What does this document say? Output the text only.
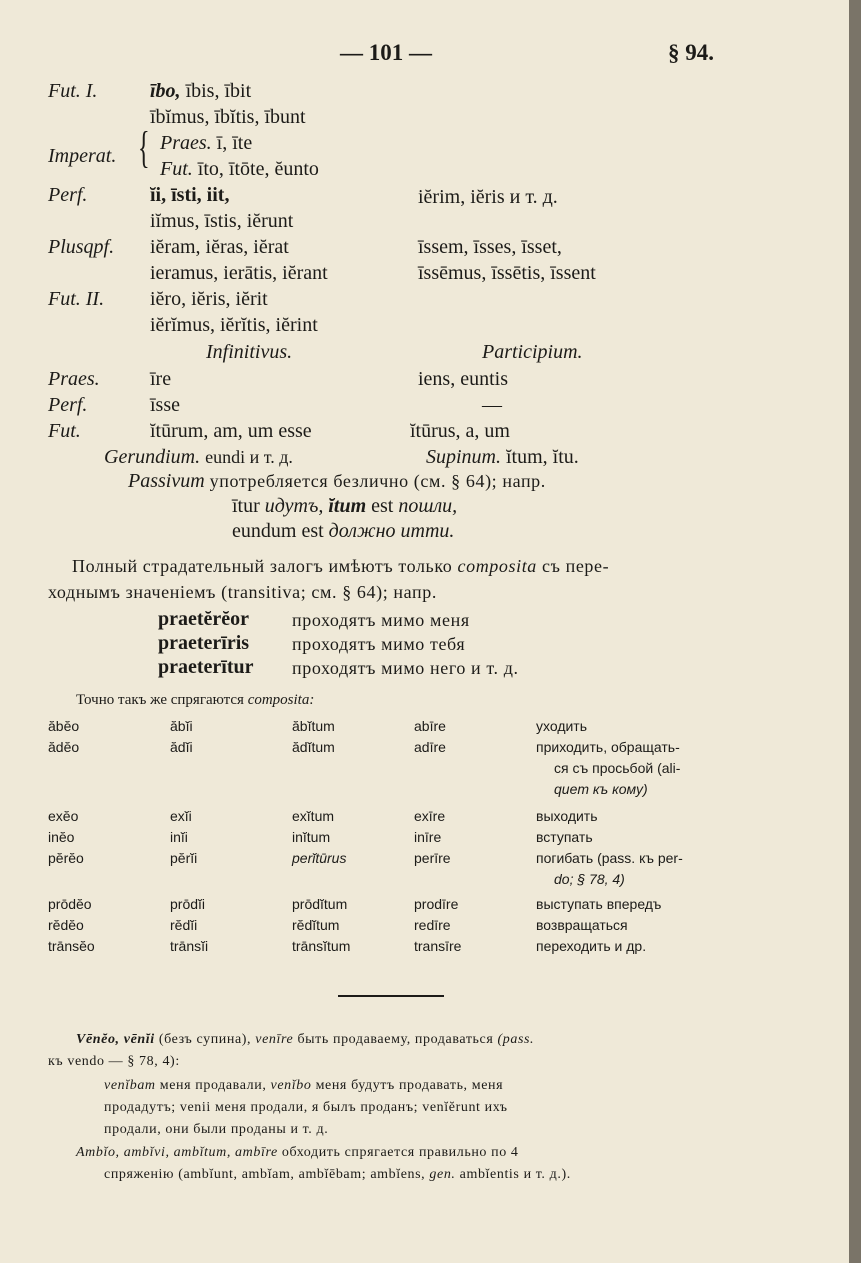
— 101 —	§ 94.
Fut. I.	ībo, ībis, ībit
ībĭmus, ībĭtis, ībunt
Imperat. { Praes. ī, īte
Fut. īto, ītōte, ĕunto
Perf.	ĭi, īsti, iit,	iĕrim, iĕris и т. д.
iĭmus, īstis, iĕrunt
Plusqpf. iĕram, iĕras, iĕrat	īssem, īsses, īsset,
ieramus, ierātis, iĕrant	īssēmus, īssētis, īssent
Fut. II. iĕro, iĕris, iĕrit
iĕrĭmus, iĕrĭtis, iĕrint
Infinitivus.	Participium.
Praes.	īre	iens, euntis
Perf.	īsse	—
Fut.	ĭtūrum, am, um esse	ĭtūrus, a, um
Gerundium. eundi и т. д.	Supinum. ĭtum, ĭtu.
Passivum употребляется безлично (см. § 64); напр.
ītur идутъ, ĭtum est пошли,
eundum est должно итти.
Полный страдательный залогъ имѣютъ только composita съ пере-
ходнымъ значеніемъ (transitiva; см. § 64); напр.
praetĕrĕor проходятъ мимо меня
praeterīris проходятъ мимо тебя
praeterītur проходятъ мимо него и т. д.
Точно такъ же спрягаются composita:
ăbĕo	ăbĭi	ăbĭtum	abīre	уходить
ădĕo	ădĭi	ădĭtum	adīre	приходить, обращать-
ся съ просьбой (ali-
quem къ кому)
exĕo	exĭi	exĭtum	exīre	выходить
inĕo	inĭi	inĭtum	inīre	вступать
pĕrĕo	pĕrĭi	perĭtūrus	perīre	погибать (pass. къ per-
do; § 78, 4)
prōdĕo	prōdĭi	prōdĭtum	prodīre	выступать впередъ
rĕdĕo	rĕdĭi	rĕdĭtum	redīre	возвращаться
trānsĕo	trānsĭi	trānsĭtum	transīre	переходить и др.
Vēnĕo, vēnĭi (безъ супина), venīre быть продаваему, продаваться (pass.
къ vendo — § 78, 4):
venĭbam меня продавали, venĭbo меня будутъ продавать, меня
продадутъ; venii меня продали, я былъ проданъ; venĭĕrunt ихъ
продали, они были проданы и т. д.
Ambĭo, ambĭvi, ambĭtum, ambīre обходить спрягается правильно по 4
спряженію (ambĭunt, ambĭam, ambĭēbam; ambĭens, gen. ambĭentis и т. д.).
